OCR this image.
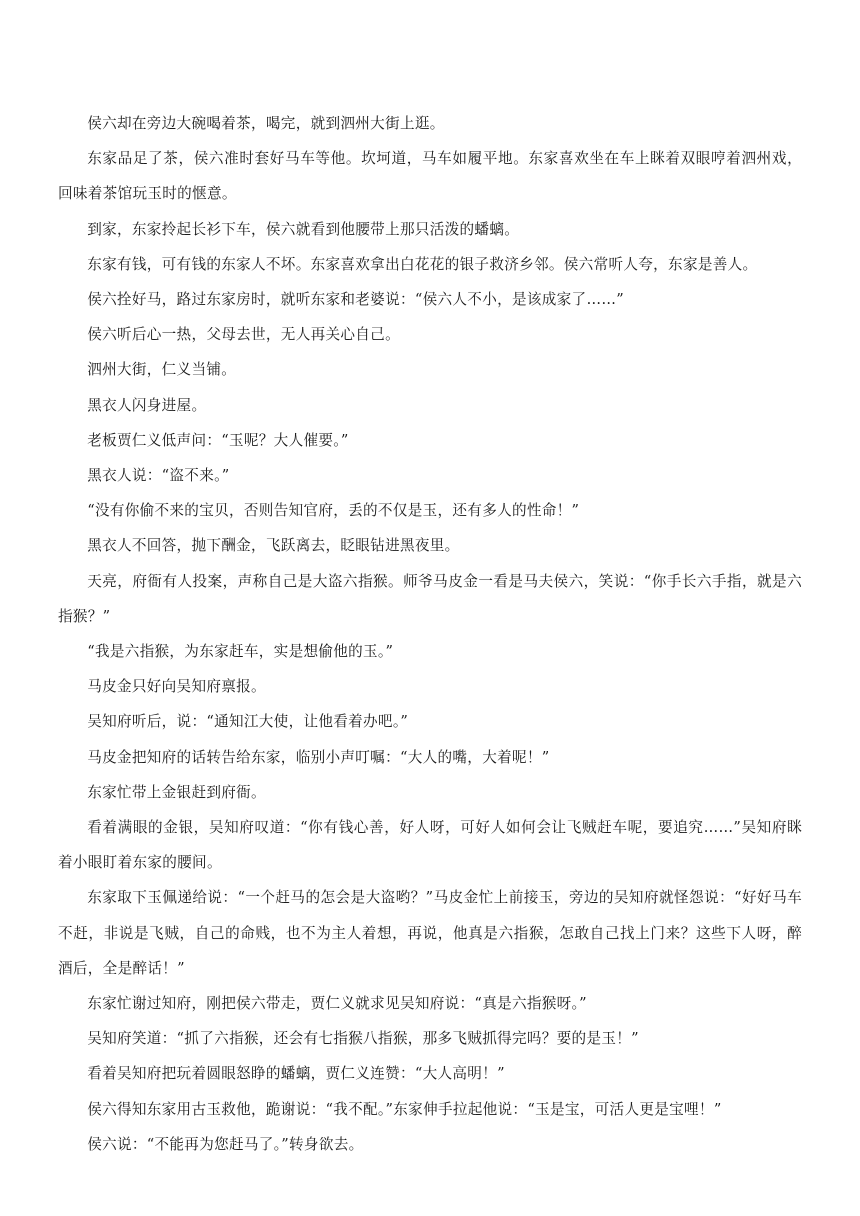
侯六却在旁边大碗喝着茶，喝完，就到泗州大街上逛。

东家品足了茶，侯六准时套好马车等他。坎坷道，马车如履平地。东家喜欢坐在车上眯着双眼哼着泗州戏，回味着茶馆玩玉时的惬意。

到家，东家拎起长衫下车，侯六就看到他腰带上那只活泼的蟠螭。

东家有钱，可有钱的东家人不坏。东家喜欢拿出白花花的银子救济乡邻。侯六常听人夸，东家是善人。

侯六拴好马，路过东家房时，就听东家和老婆说：“侯六人不小，是该成家了……”

侯六听后心一热，父母去世，无人再关心自己。

泗州大街，仁义当铺。

黑衣人闪身进屋。

老板贾仁义低声问：“玉呢？大人催要。”

黑衣人说：“盗不来。”

“没有你偷不来的宝贝，否则告知官府，丢的不仅是玉，还有多人的性命！”

黑衣人不回答，抛下酬金，飞跃离去，眨眼钻进黑夜里。

天亮，府衙有人投案，声称自己是大盗六指猴。师爷马皮金一看是马夫侯六，笑说：“你手长六手指，就是六指猴？”

“我是六指猴，为东家赶车，实是想偷他的玉。”

马皮金只好向吴知府禀报。

吴知府听后，说：“通知江大使，让他看着办吧。”

马皮金把知府的话转告给东家，临别小声叮嘱：“大人的嘴，大着呢！”

东家忙带上金银赶到府衙。

看着满眼的金银，吴知府叹道：“你有钱心善，好人呀，可好人如何会让飞贼赶车呢，要追究……”吴知府眯着小眼盯着东家的腰间。

东家取下玉佩递给说：“一个赶马的怎会是大盗哟？”马皮金忙上前接玉，旁边的吴知府就怪怨说：“好好马车不赶，非说是飞贼，自己的命贱，也不为主人着想，再说，他真是六指猴，怎敢自己找上门来？这些下人呀，醉酒后，全是醉话！”

东家忙谢过知府，刚把侯六带走，贾仁义就求见吴知府说：“真是六指猴呀。”

吴知府笑道：“抓了六指猴，还会有七指猴八指猴，那多飞贼抓得完吗？要的是玉！”

看着吴知府把玩着圆眼怒睁的蟠螭，贾仁义连赞：“大人高明！”

侯六得知东家用古玉救他，跪谢说：“我不配。”东家伸手拉起他说：“玉是宝，可活人更是宝哩！”

侯六说：“不能再为您赶马了。”转身欲去。
